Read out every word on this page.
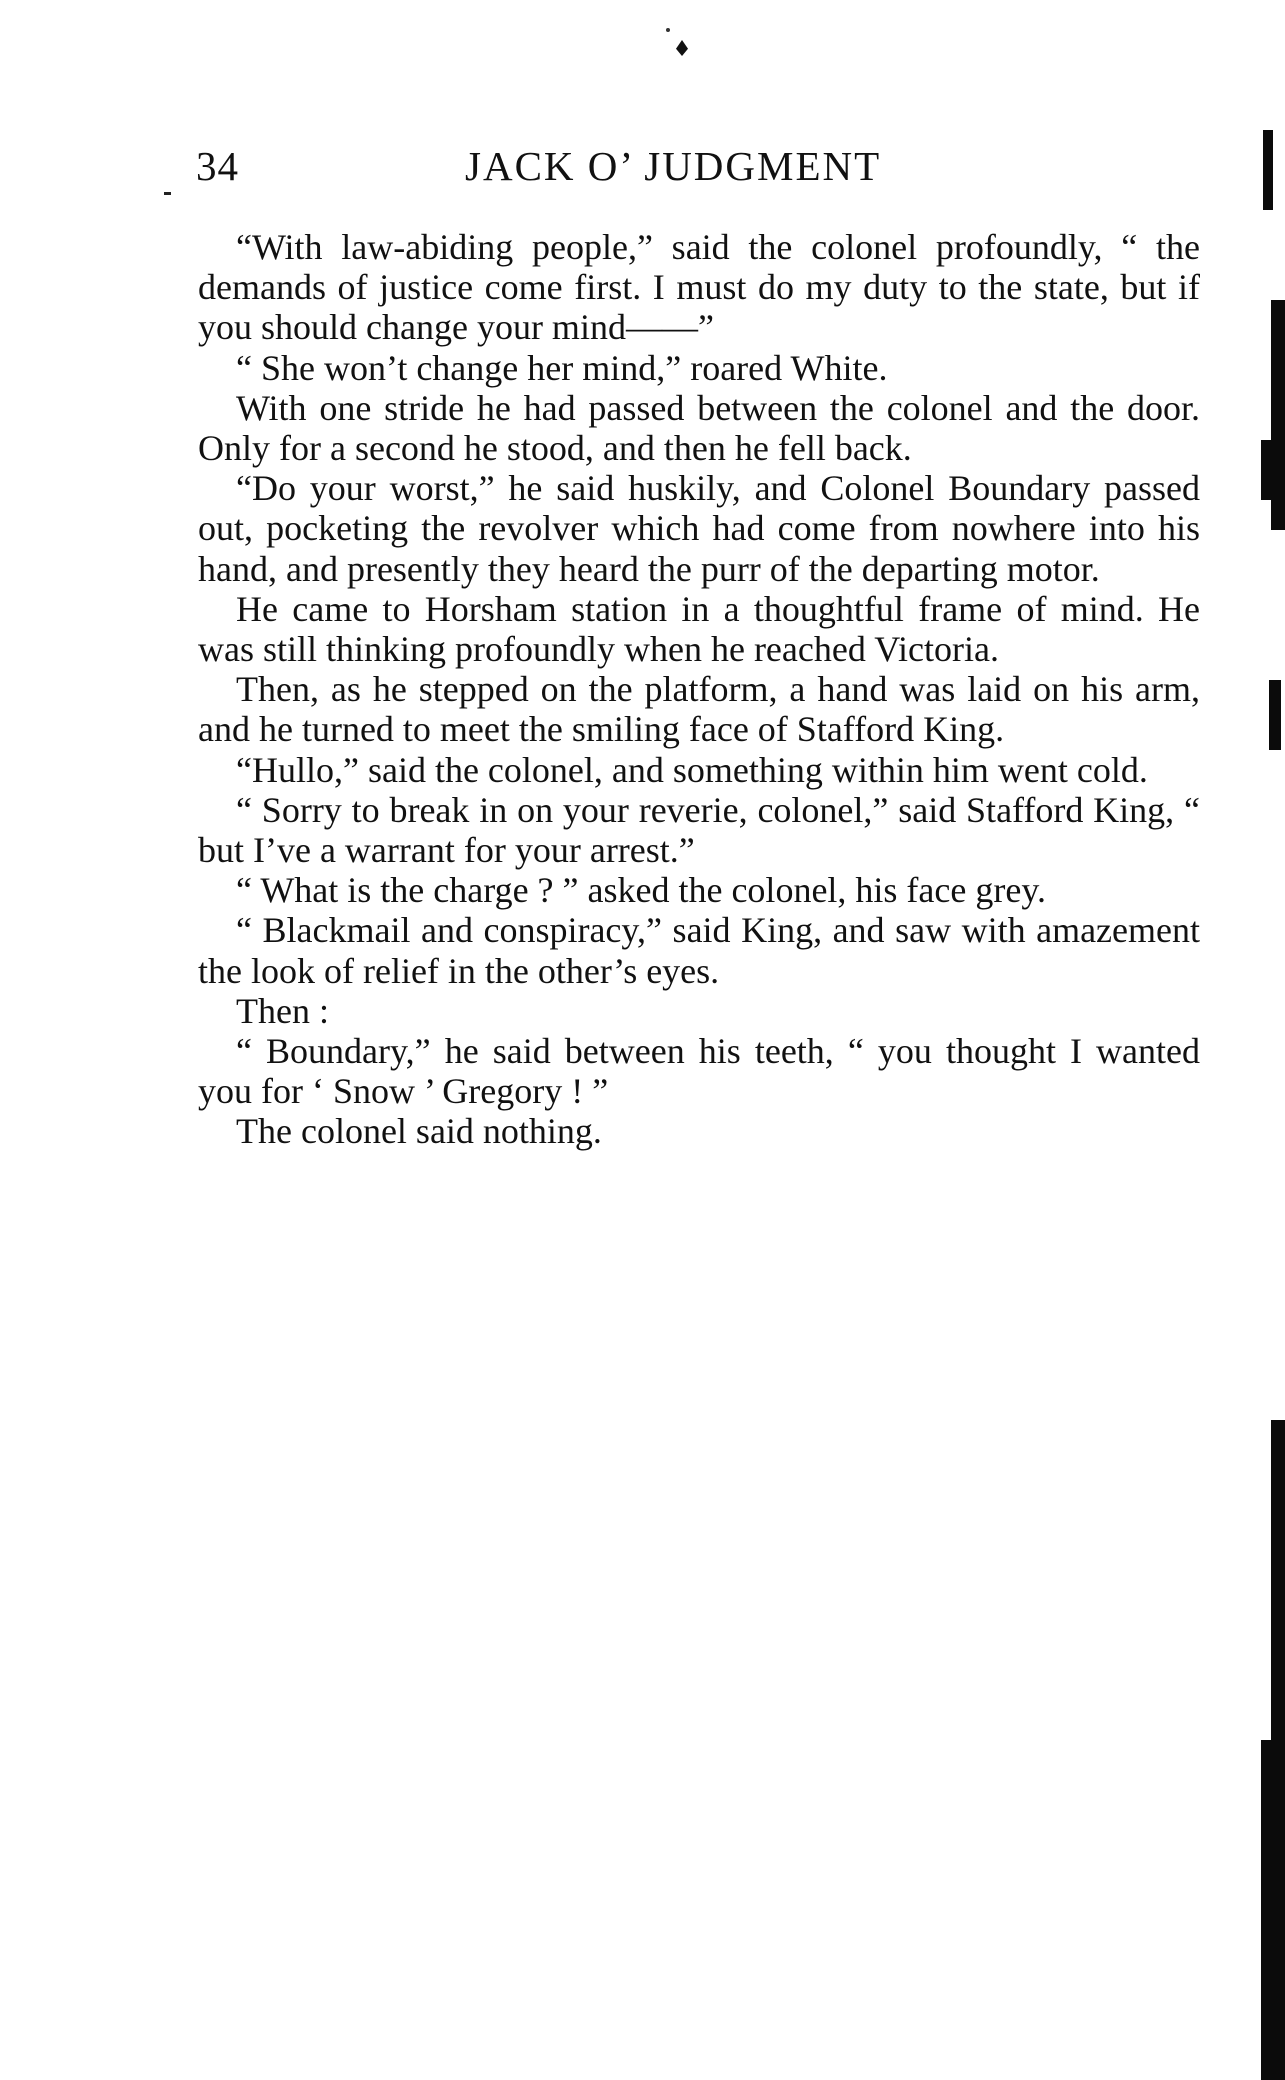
34	JACK O’ JUDGMENT

“With law-abiding people,” said the colonel profoundly, “ the demands of justice come first. I must do my duty to the state, but if you should change your mind——”

“ She won’t change her mind,” roared White.

With one stride he had passed between the colonel and the door. Only for a second he stood, and then he fell back.

“Do your worst,” he said huskily, and Colonel Boundary passed out, pocketing the revolver which had come from nowhere into his hand, and presently they heard the purr of the departing motor.

He came to Horsham station in a thoughtful frame of mind. He was still thinking profoundly when he reached Victoria.

Then, as he stepped on the platform, a hand was laid on his arm, and he turned to meet the smiling face of Stafford King.

“Hullo,” said the colonel, and something within him went cold.

“ Sorry to break in on your reverie, colonel,” said Stafford King, “ but I’ve a warrant for your arrest.”

“ What is the charge ? ” asked the colonel, his face grey.

“ Blackmail and conspiracy,” said King, and saw with amazement the look of relief in the other’s eyes.

Then :

“ Boundary,” he said between his teeth, “ you thought I wanted you for ‘ Snow ’ Gregory ! ”

The colonel said nothing.
